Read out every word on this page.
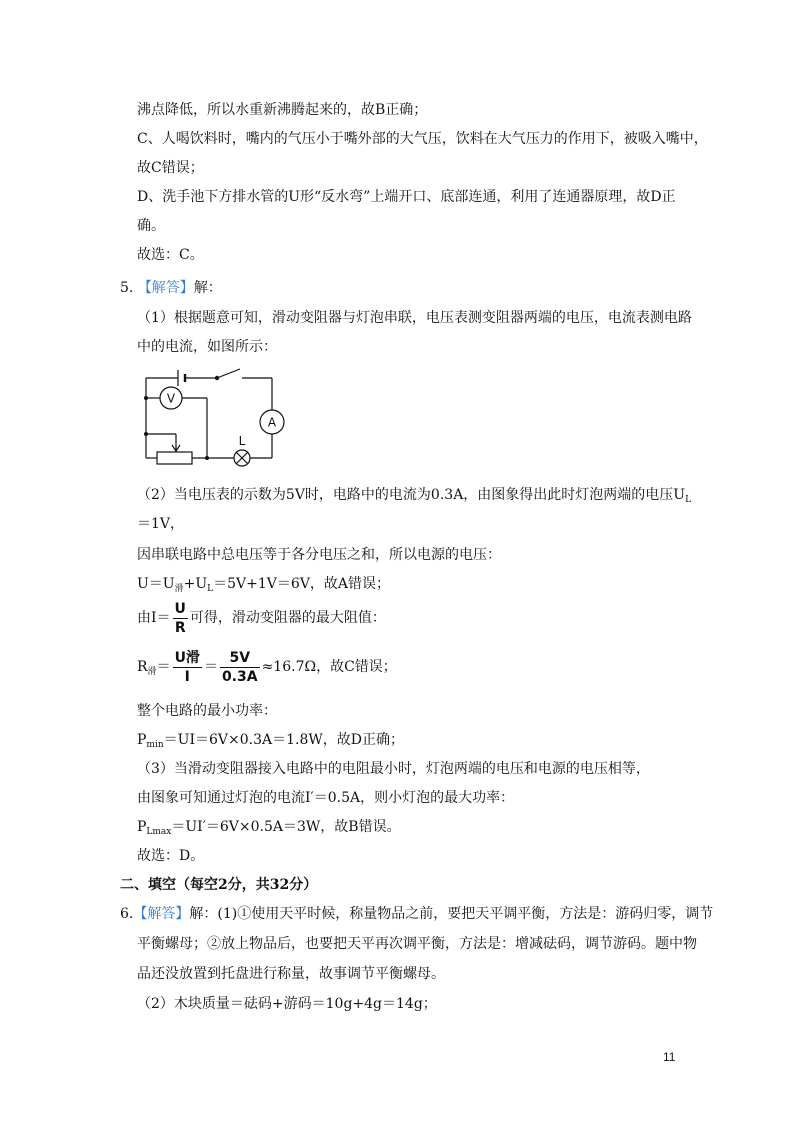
沸点降低，所以水重新沸腾起来的，故B正确；
C、人喝饮料时，嘴内的气压小于嘴外部的大气压，饮料在大气压力的作用下，被吸入嘴中，
故C错误；
D、洗手池下方排水管的U形“反水弯”上端开口、底部连通，利用了连通器原理，故D正
确。
故选：C。
5. 【解答】解：
（1）根据题意可知，滑动变阻器与灯泡串联，电压表测变阻器两端的电压，电流表测电路
中的电流，如图所示：
V
A
L
（2）当电压表的示数为5V时，电路中的电流为0.3A，由图象得出此时灯泡两端的电压$U_L$
＝1V，
因串联电路中总电压等于各分电压之和，所以电源的电压：
$U=U_滑+U_L=5V+1V=6V$，故A错误；
由$I= \frac{U}{R}$ 可得，滑动变阻器的最大阻值：
$R_滑= \frac{\text{U滑}}{I} = \frac{5V}{0.3A} \approx 16.7\Omega$，故C错误；
整个电路的最小功率：
$P_{min}=UI=6V\times 0.3A=1.8W$，故D正确；
（3）当滑动变阻器接入电路中的电阻最小时，灯泡两端的电压和电源的电压相等，
由图象可知通过灯泡的电流I′＝0.5A，则小灯泡的最大功率：
$P_{Lmax}=UI'=6V\times 0.5A=3W$，故B错误。
故选：D。
二、填空（每空2分，共32分）
6.【解答】解：(1)①使用天平时候，称量物品之前，要把天平调平衡，方法是：游码归零，调节
平衡螺母；②放上物品后，也要把天平再次调平衡，方法是：增减砝码，调节游码。题中物
品还没放置到托盘进行称量，故事调节平衡螺母。
（2）木块质量＝砝码+游码＝10g+4g＝14g；
11
